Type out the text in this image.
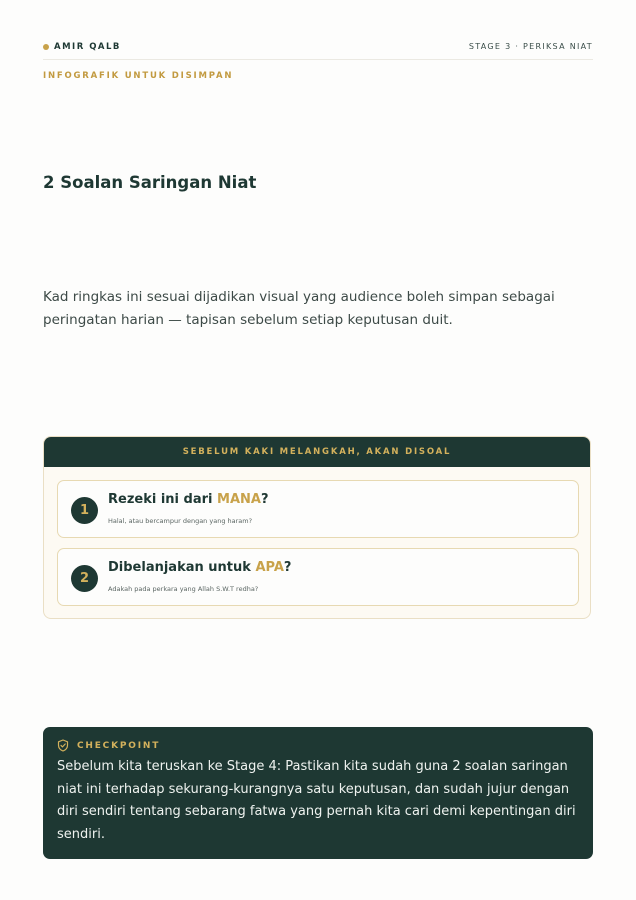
AMIR QALB	STAGE 3 · PERIKSA NIAT
INFOGRAFIK UNTUK DISIMPAN
2 Soalan Saringan Niat

Kad ringkas ini sesuai dijadikan visual yang audience boleh simpan sebagai peringatan harian — tapisan sebelum setiap keputusan duit.

SEBELUM KAKI MELANGKAH, AKAN DISOAL
1
Rezeki ini dari MANA?
Halal, atau bercampur dengan yang haram?
2
Dibelanjakan untuk APA?
Adakah pada perkara yang Allah S.W.T redha?
CHECKPOINT

Sebelum kita teruskan ke Stage 4: Pastikan kita sudah guna 2 soalan saringan niat ini terhadap sekurang-kurangnya satu keputusan, dan sudah jujur dengan diri sendiri tentang sebarang fatwa yang pernah kita cari demi kepentingan diri sendiri.
